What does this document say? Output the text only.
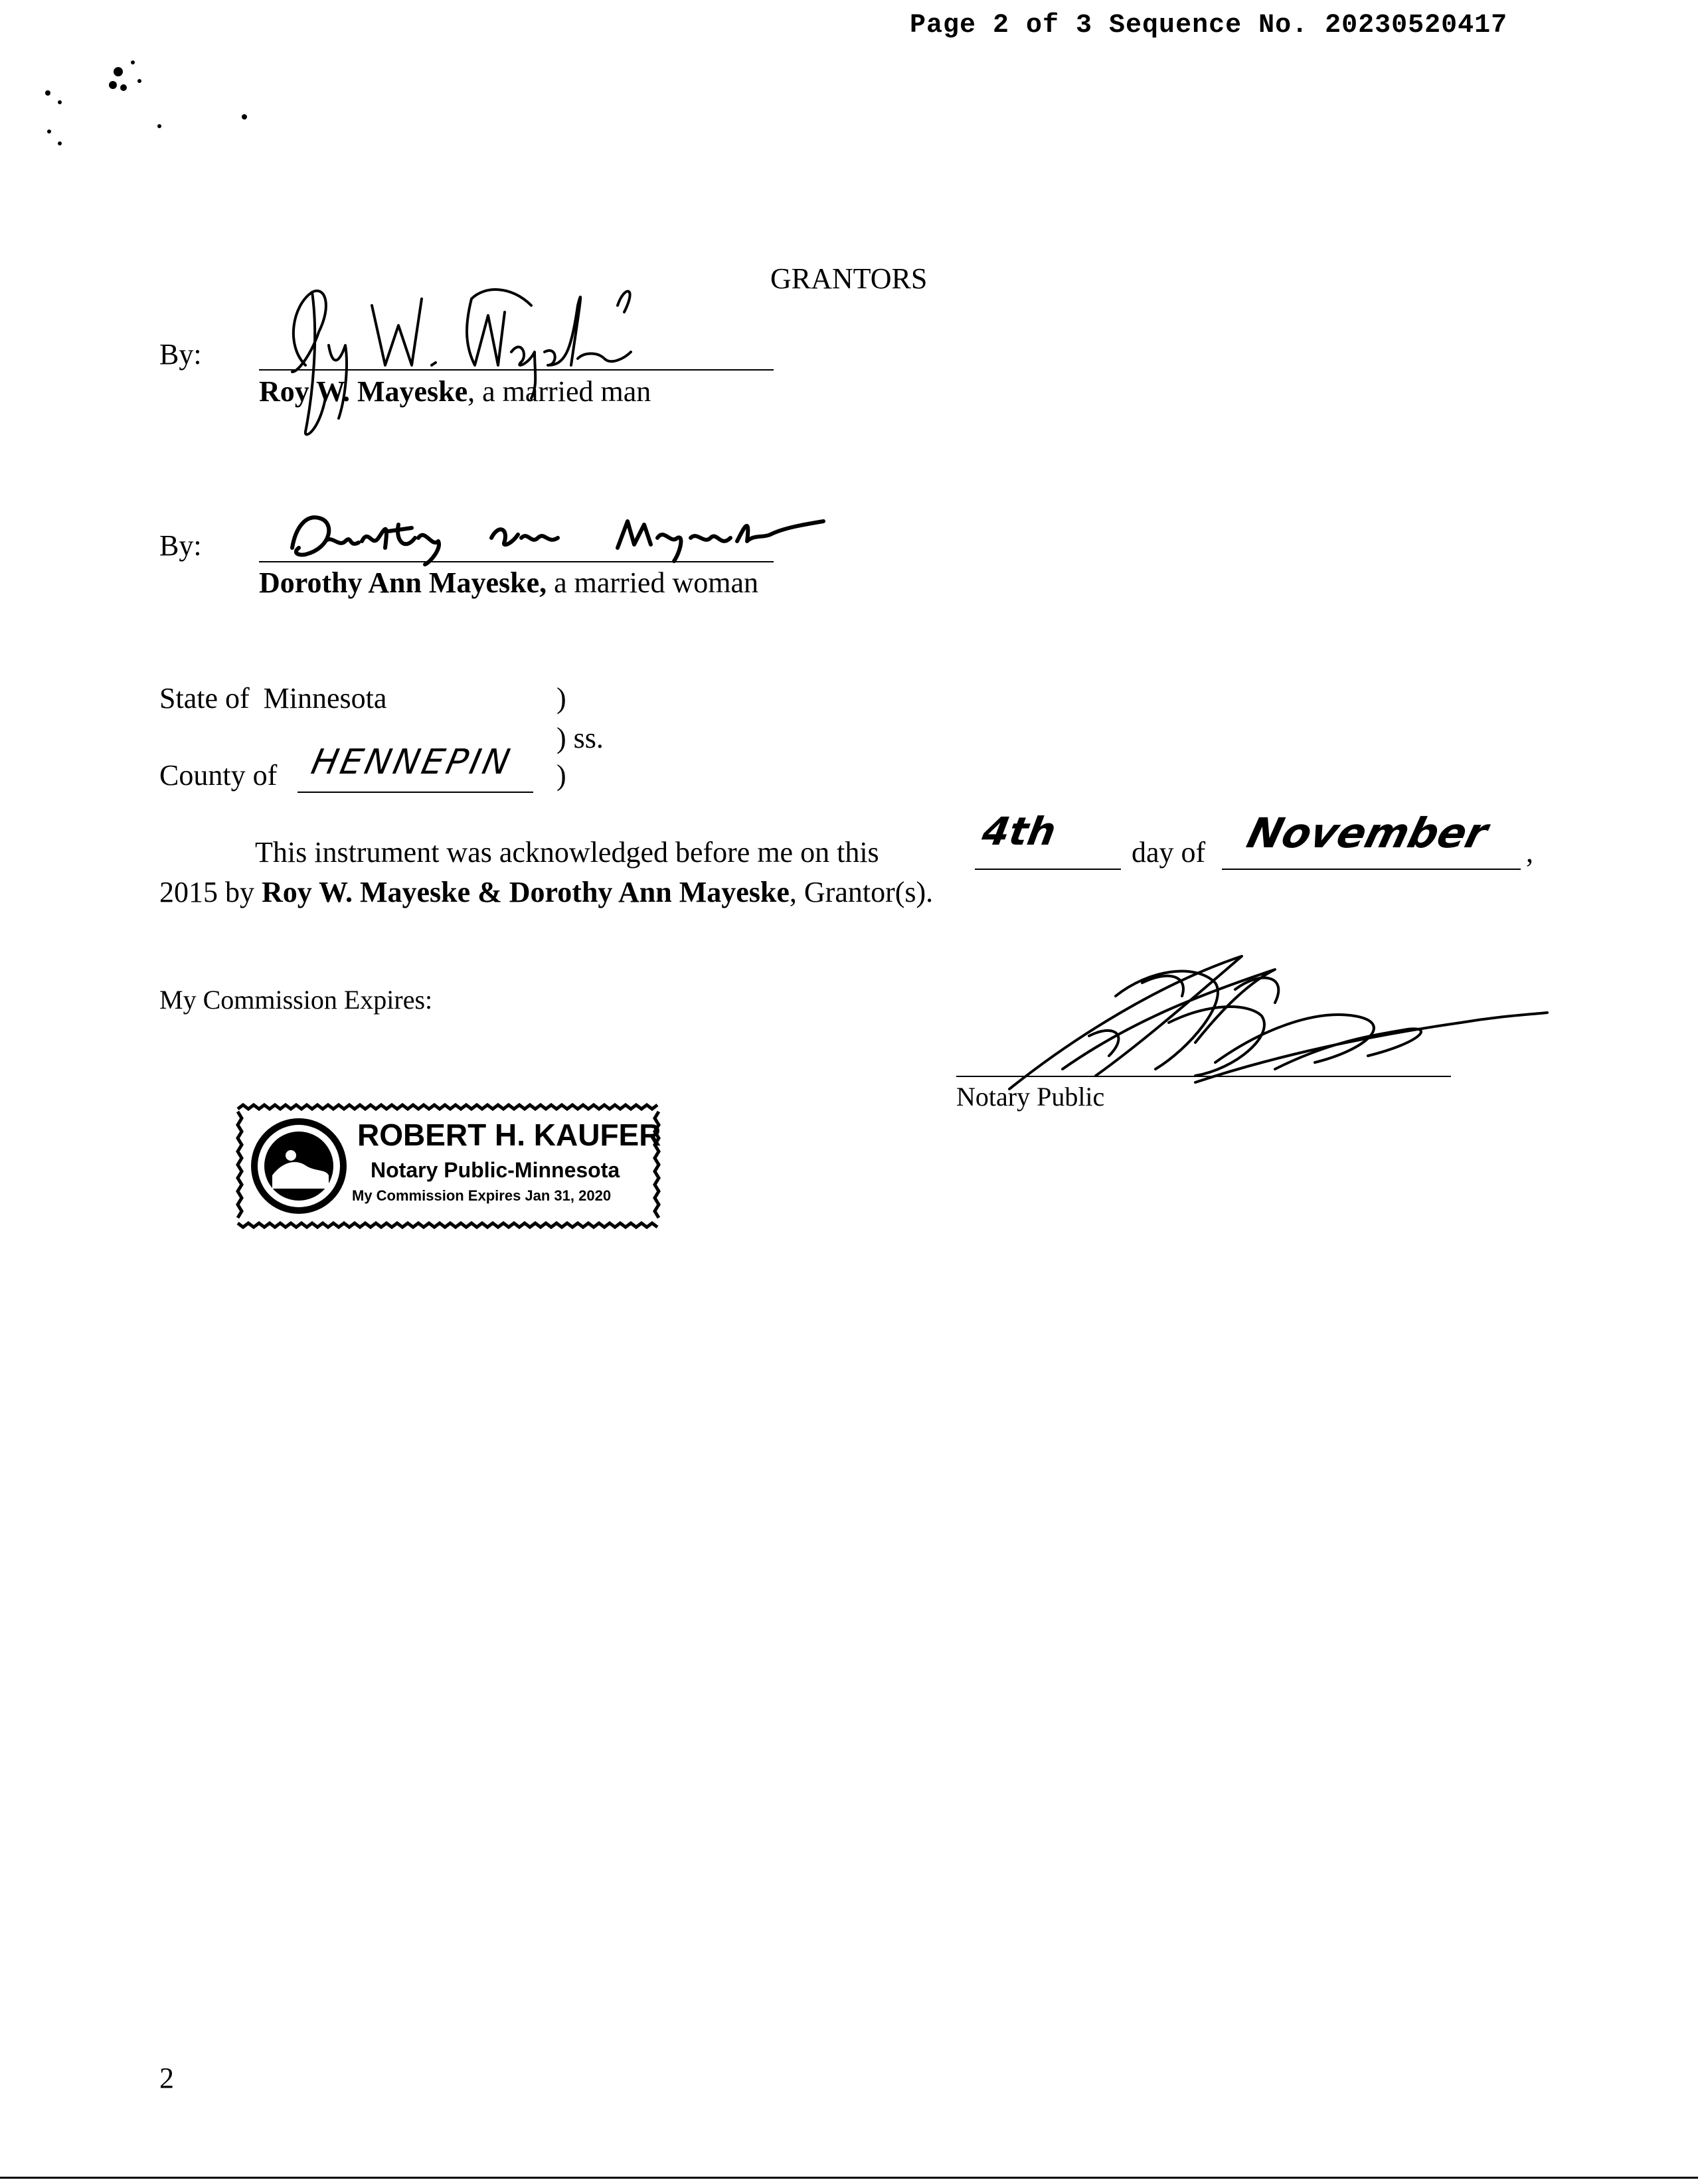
Page 2 of 3 Sequence No. 20230520417
GRANTORS
By:
Roy W. Mayeske, a married man
By:
Dorothy Ann Mayeske, a married woman
State of Minnesota	)
) ss.
County of HENNEPIN )
This instrument was acknowledged before me on this	4th day of November ,
2015 by Roy W. Mayeske & Dorothy Ann Mayeske, Grantor(s).
My Commission Expires:
Notary Public
ROBERT H. KAUFER
Notary Public-Minnesota
My Commission Expires Jan 31, 2020
2
